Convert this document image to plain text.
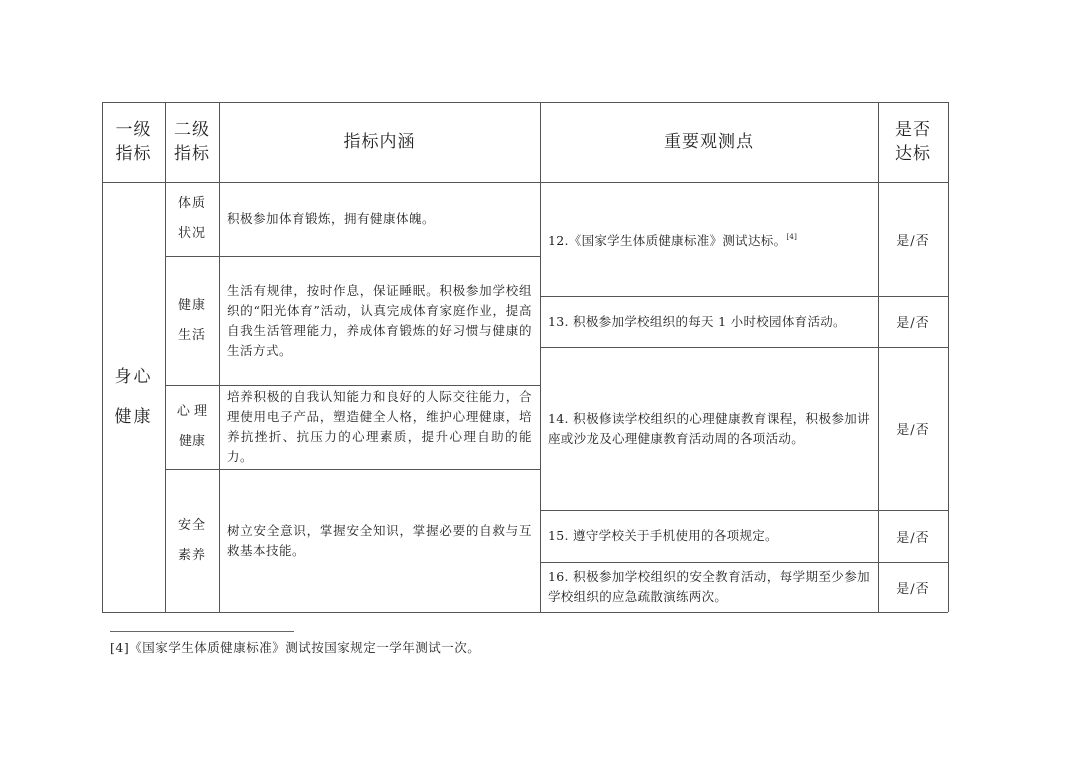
一级
指标
二级
指标
指标内涵	重要观测点
是否
达标
身心
健康
体质
状况
健康
生活
心 理
健康
安全
素养
积极参加体育锻炼，拥有健康体魄。
生活有规律，按时作息，保证睡眠。积极参加学校组织的“阳光体育”活动，认真完成体育家庭作业，提高自我生活管理能力，养成体育锻炼的好习惯与健康的生活方式。
培养积极的自我认知能力和良好的人际交往能力，合理使用电子产品，塑造健全人格，维护心理健康，培养抗挫折、抗压力的心理素质，提升心理自助的能力。
树立安全意识，掌握安全知识，掌握必要的自救与互救基本技能。
12.《国家学生体质健康标准》测试达标。[4]
13. 积极参加学校组织的每天 1 小时校园体育活动。
14. 积极修读学校组织的心理健康教育课程，积极参加讲座或沙龙及心理健康教育活动周的各项活动。
15. 遵守学校关于手机使用的各项规定。
16. 积极参加学校组织的安全教育活动，每学期至少参加学校组织的应急疏散演练两次。
是/否
是/否
是/否
是/否
是/否
[4]《国家学生体质健康标准》测试按国家规定一学年测试一次。
